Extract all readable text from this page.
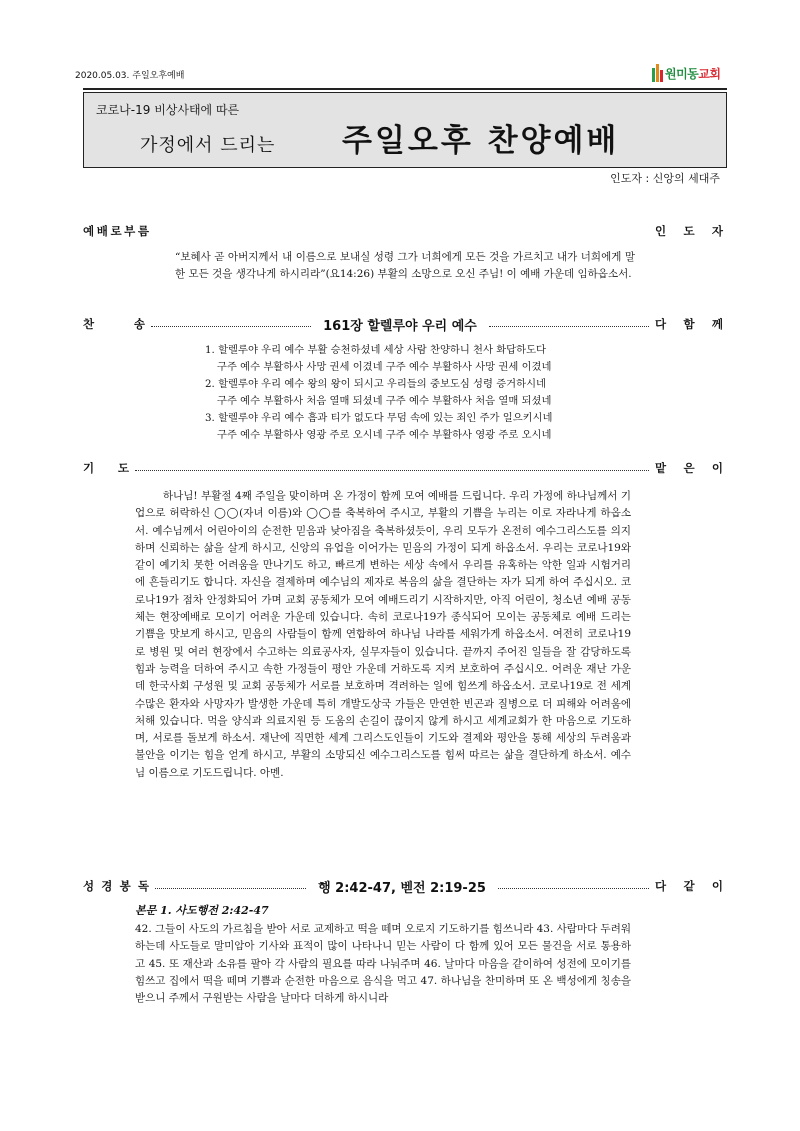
2020.05.03. 주일오후예배	원미동교회
코로나-19 비상사태에 따른
가정에서 드리는 주일오후 찬양예배
인도자 : 신앙의 세대주
예 배 로 부 름	인 도 자
“보혜사 곧 아버지께서 내 이름으로 보내실 성령 그가 너희에게 모든 것을 가르치고 내가 너희에게 말한 모든 것을 생각나게 하시리라”(요14:26) 부활의 소망으로 오신 주님! 이 예배 가운데 임하옵소서.
찬	송	161장 할렐루야 우리 예수	다 함 께
1. 할렐루야 우리 예수 부활 승천하셨네 세상 사람 찬양하니 천사 화답하도다
구주 예수 부활하사 사망 권세 이겼네 구주 예수 부활하사 사망 권세 이겼네
2. 할렐루야 우리 예수 왕의 왕이 되시고 우리들의 중보도심 성령 증거하시네
구주 예수 부활하사 처음 열매 되셨네 구주 예수 부활하사 처음 열매 되셨네
3. 할렐루야 우리 예수 흠과 티가 없도다 무덤 속에 있는 죄인 주가 일으키시네
구주 예수 부활하사 영광 주로 오시네 구주 예수 부활하사 영광 주로 오시네
기 도	맡 은 이
하나님! 부활절 4째 주일을 맞이하며 온 가정이 함께 모여 예배를 드립니다. 우리 가정에 하나님께서 기업으로 허락하신 ◯◯(자녀 이름)와 ◯◯를 축복하여 주시고, 부활의 기쁨을 누리는 이로 자라나게 하옵소서. 예수님께서 어린아이의 순전한 믿음과 낮아짐을 축복하셨듯이, 우리 모두가 온전히 예수그리스도를 의지하며 신뢰하는 삶을 살게 하시고, 신앙의 유업을 이어가는 믿음의 가정이 되게 하옵소서. 우리는 코로나19와 같이 예기치 못한 어려움을 만나기도 하고, 빠르게 변하는 세상 속에서 우리를 유혹하는 악한 일과 시험거리에 흔들리기도 합니다. 자신을 결제하며 예수님의 제자로 복음의 삶을 결단하는 자가 되게 하여 주십시오. 코로나19가 점차 안정화되어 가며 교회 공동체가 모여 예배드리기 시작하지만, 아직 어린이, 청소년 예배 공동체는 현장예배로 모이기 어려운 가운데 있습니다. 속히 코로나19가 종식되어 모이는 공동체로 예배 드리는 기쁨을 맛보게 하시고, 믿음의 사람들이 함께 연합하여 하나님 나라를 세워가게 하옵소서. 여전히 코로나19로 병원 및 여러 현장에서 수고하는 의료공사자, 실무자들이 있습니다. 끝까지 주어진 일들을 잘 감당하도록 힘과 능력을 더하여 주시고 속한 가정들이 평안 가운데 거하도록 지켜 보호하여 주십시오. 어려운 재난 가운데 한국사회 구성원 및 교회 공동체가 서로를 보호하며 격려하는 일에 힘쓰게 하옵소서. 코로나19로 전 세계 수많은 환자와 사망자가 발생한 가운데 특히 개발도상국 가들은 만연한 빈곤과 질병으로 더 피해와 어려움에 처해 있습니다. 먹을 양식과 의료지원 등 도움의 손길이 끊이지 않게 하시고 세계교회가 한 마음으로 기도하며, 서로를 돌보게 하소서. 재난에 직면한 세계 그리스도인들이 기도와 결제와 평안을 통해 세상의 두려움과 불안을 이기는 힘을 얻게 하시고, 부활의 소망되신 예수그리스도를 힘써 따르는 삶을 결단하게 하소서. 예수님 이름으로 기도드립니다. 아멘.
성 경 봉 독	행 2:42-47, 벧전 2:19-25	다 같 이
본문 1. 사도행전 2:42-47
42. 그들이 사도의 가르침을 받아 서로 교제하고 떡을 떼며 오로지 기도하기를 힘쓰니라 43. 사람마다 두려워하는데 사도들로 말미암아 기사와 표적이 많이 나타나니 믿는 사람이 다 함께 있어 모든 물건을 서로 통용하고 45. 또 재산과 소유를 팔아 각 사람의 필요를 따라 나눠주며 46. 날마다 마음을 같이하여 성전에 모이기를 힘쓰고 집에서 떡을 떼며 기쁨과 순전한 마음으로 음식을 먹고 47. 하나님을 찬미하며 또 온 백성에게 칭송을 받으니 주께서 구원받는 사람을 날마다 더하게 하시니라
